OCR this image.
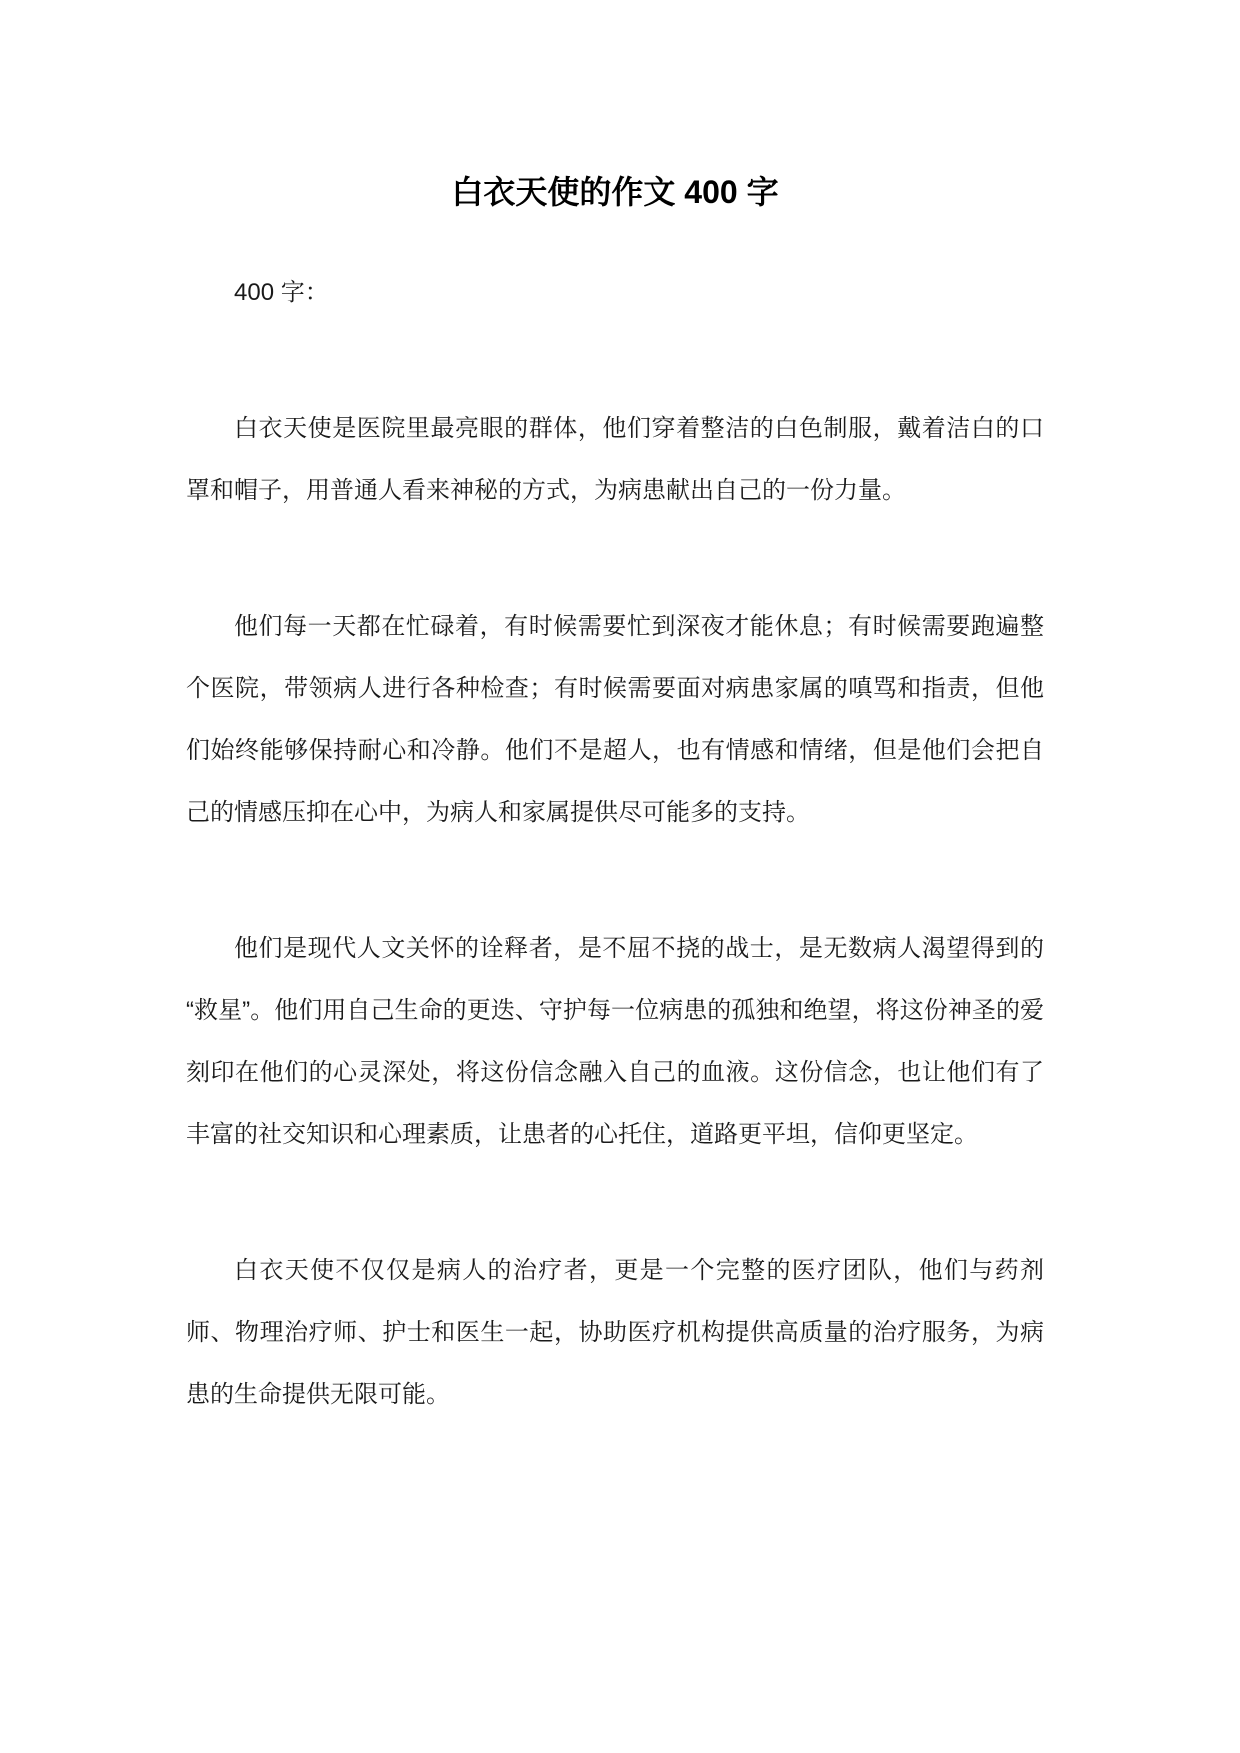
白衣天使的作文 400 字

400 字：

白衣天使是医院里最亮眼的群体，他们穿着整洁的白色制服，戴着洁白的口罩和帽子，用普通人看来神秘的方式，为病患献出自己的一份力量。

他们每一天都在忙碌着，有时候需要忙到深夜才能休息；有时候需要跑遍整个医院，带领病人进行各种检查；有时候需要面对病患家属的嗔骂和指责，但他们始终能够保持耐心和冷静。他们不是超人，也有情感和情绪，但是他们会把自己的情感压抑在心中，为病人和家属提供尽可能多的支持。

他们是现代人文关怀的诠释者，是不屈不挠的战士，是无数病人渴望得到的“救星”。他们用自己生命的更迭、守护每一位病患的孤独和绝望，将这份神圣的爱刻印在他们的心灵深处，将这份信念融入自己的血液。这份信念，也让他们有了丰富的社交知识和心理素质，让患者的心托住，道路更平坦，信仰更坚定。

白衣天使不仅仅是病人的治疗者，更是一个完整的医疗团队，他们与药剂师、物理治疗师、护士和医生一起，协助医疗机构提供高质量的治疗服务，为病患的生命提供无限可能。
